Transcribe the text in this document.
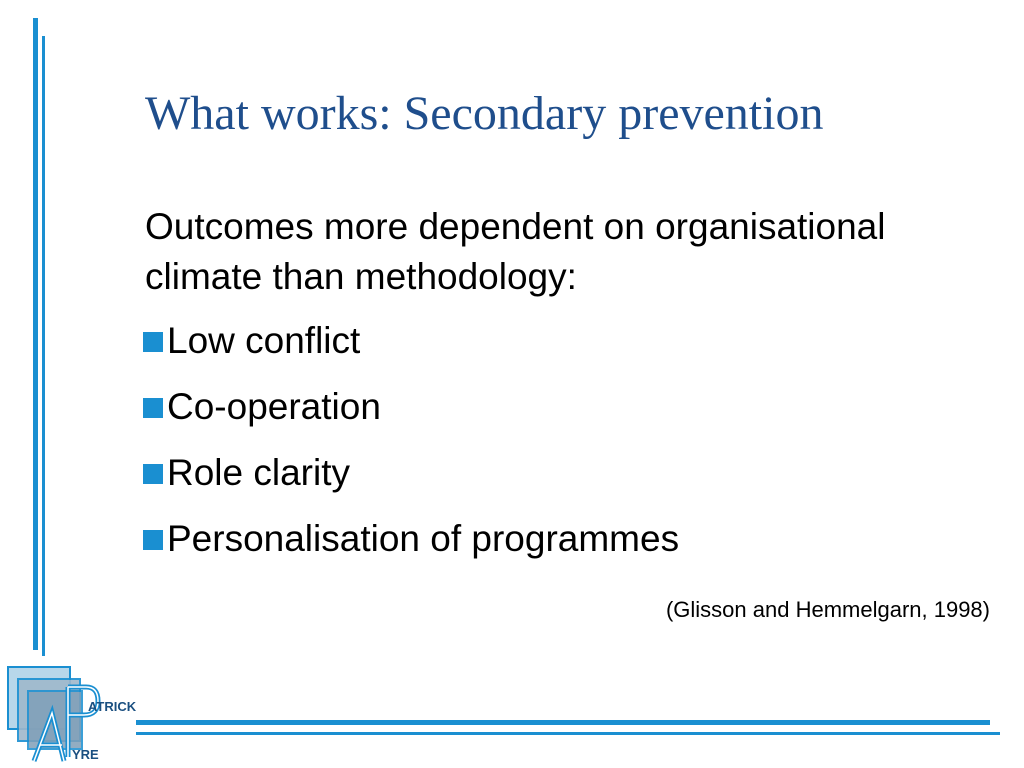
What works: Secondary prevention

Outcomes more dependent on organisational climate than methodology:

Low conflict
Co-operation
Role clarity
Personalisation of programmes
(Glisson and Hemmelgarn, 1998)
ATRICK
YRE
